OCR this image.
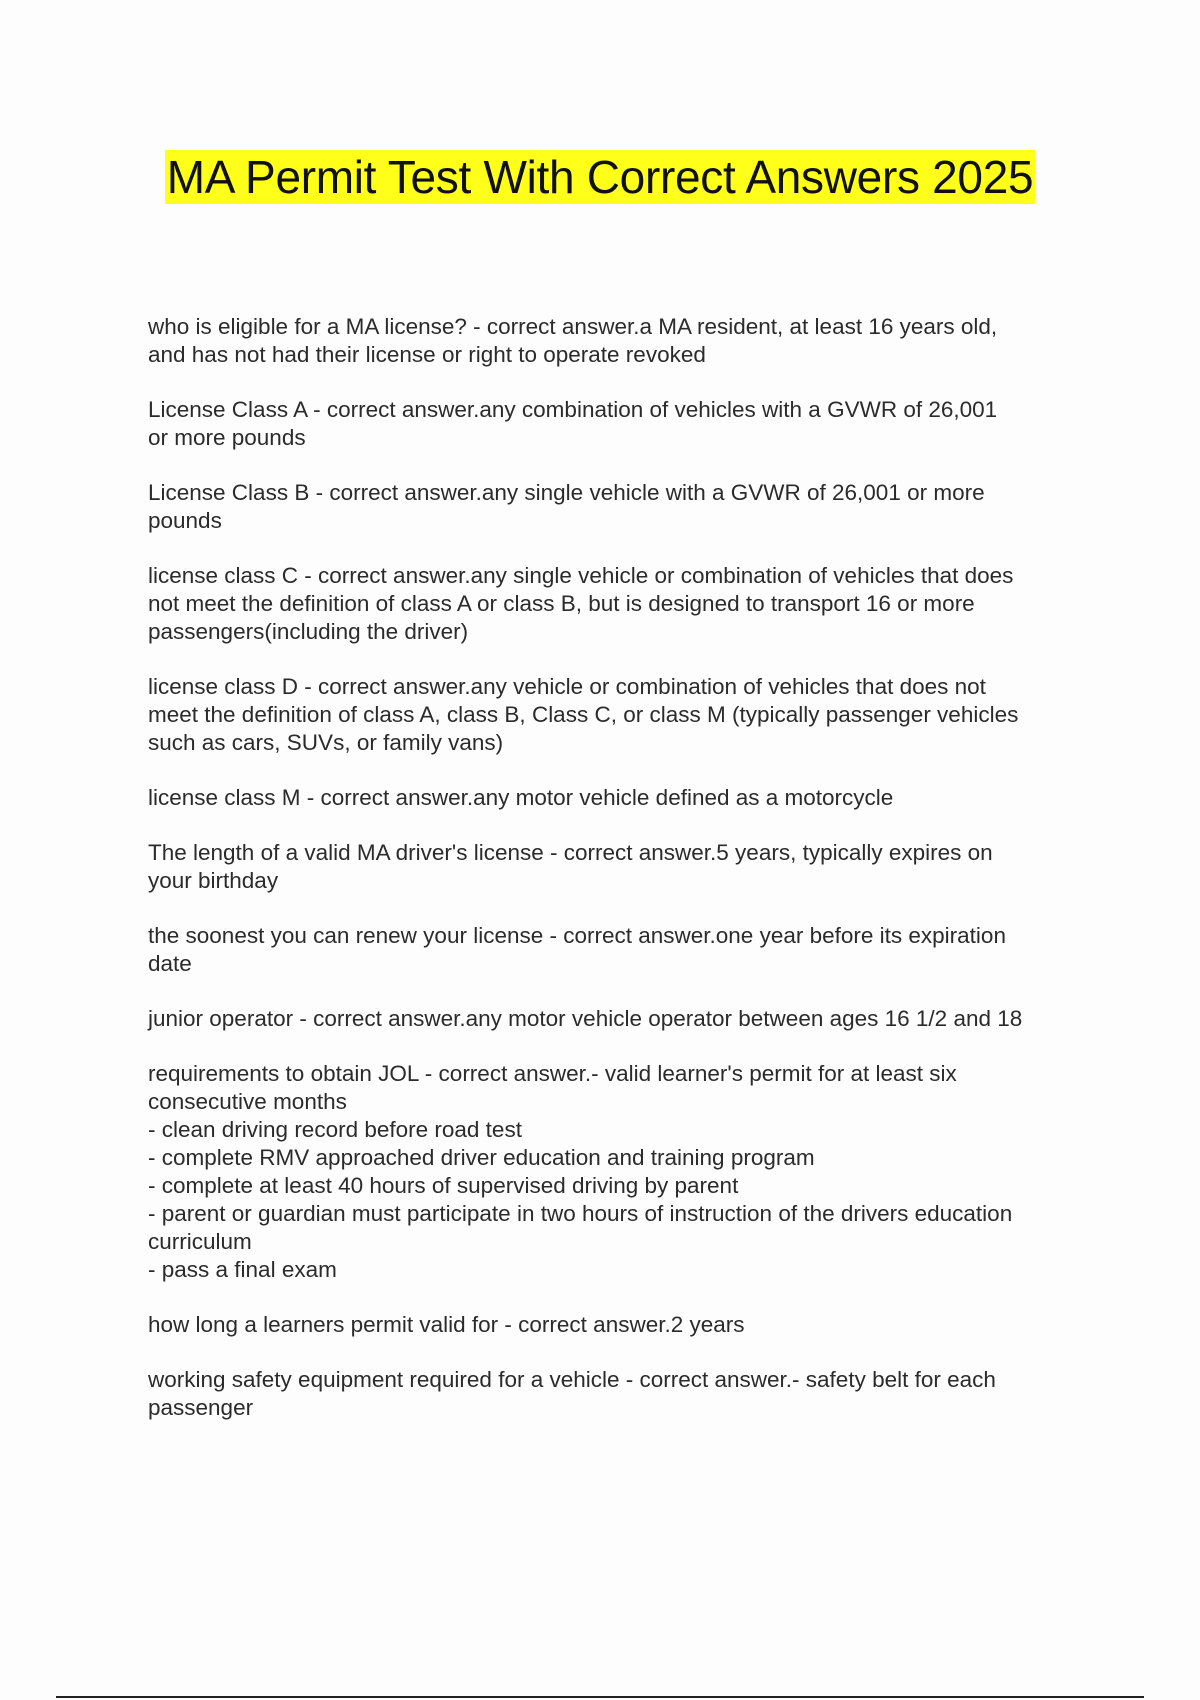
MA Permit Test With Correct Answers 2025

who is eligible for a MA license? - correct answer.a MA resident, at least 16 years old,
and has not had their license or right to operate revoked

License Class A - correct answer.any combination of vehicles with a GVWR of 26,001
or more pounds

License Class B - correct answer.any single vehicle with a GVWR of 26,001 or more
pounds

license class C - correct answer.any single vehicle or combination of vehicles that does
not meet the definition of class A or class B, but is designed to transport 16 or more
passengers(including the driver)

license class D - correct answer.any vehicle or combination of vehicles that does not
meet the definition of class A, class B, Class C, or class M (typically passenger vehicles
such as cars, SUVs, or family vans)

license class M - correct answer.any motor vehicle defined as a motorcycle

The length of a valid MA driver's license - correct answer.5 years, typically expires on
your birthday

the soonest you can renew your license - correct answer.one year before its expiration
date

junior operator - correct answer.any motor vehicle operator between ages 16 1/2 and 18

requirements to obtain JOL - correct answer.- valid learner's permit for at least six
consecutive months
- clean driving record before road test
- complete RMV approached driver education and training program
- complete at least 40 hours of supervised driving by parent
- parent or guardian must participate in two hours of instruction of the drivers education
curriculum
- pass a final exam

how long a learners permit valid for - correct answer.2 years

working safety equipment required for a vehicle - correct answer.- safety belt for each
passenger
